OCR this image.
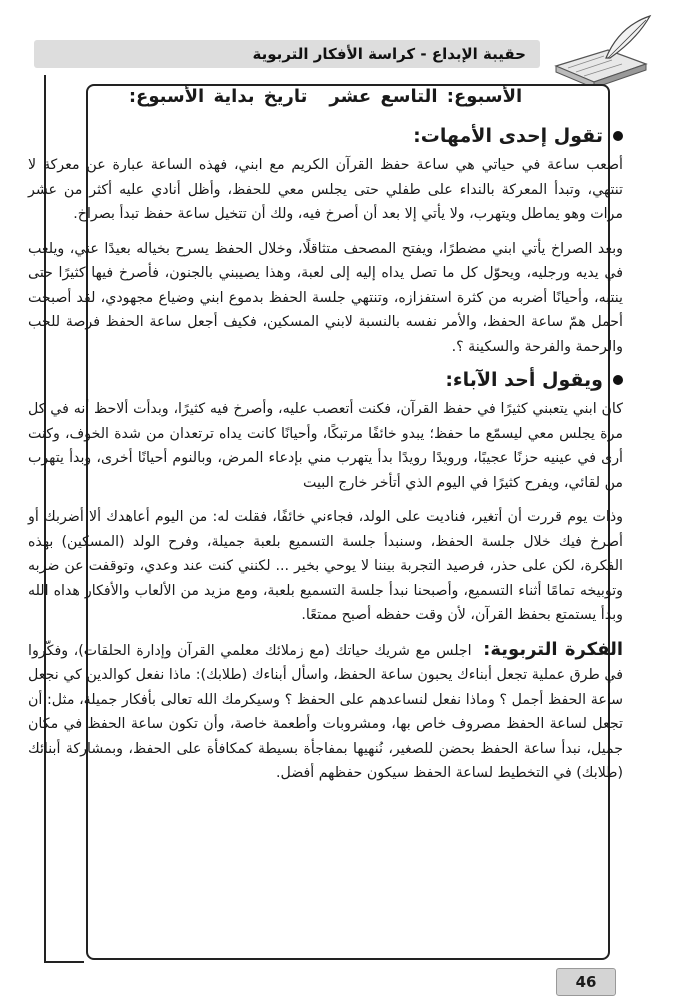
حقيبة الإبداع - كراسة الأفكار التربوية
الأسبوع: التاسع عشرتاريخ بداية الأسبوع:
تقول إحدى الأمهات:

أصعب ساعة في حياتي هي ساعة حفظ القرآن الكريم مع ابني، فهذه الساعة عبارة عن معركة لا تنتهي، وتبدأ المعركة بالنداء على طفلي حتى يجلس معي للحفظ، وأظل أنادي عليه أكثر من عشر مرات وهو يماطل ويتهرب، ولا يأتي إلا بعد أن أصرخ فيه، ولك أن تتخيل ساعة حفظ تبدأ بصراخ.

وبعد الصراخ يأتي ابني مضطرًا، ويفتح المصحف متثاقلًا، وخلال الحفظ يسرح بخياله بعيدًا عني، ويلعب في يديه ورجليه، ويحوّل كل ما تصل يداه إليه إلى لعبة، وهذا يصيبني بالجنون، فأصرخ فيها كثيرًا حتى ينتبه، وأحيانًا أضربه من كثرة استفزازه، وتنتهي جلسة الحفظ بدموع ابني وضياع مجهودي، لقد أصبحت أحمل همّ ساعة الحفظ، والأمر نفسه بالنسبة لابني المسكين، فكيف أجعل ساعة الحفظ فرصة للحب والرحمة والفرحة والسكينة ؟.

ويقول أحد الآباء:

كان ابني يتعبني كثيرًا في حفظ القرآن، فكنت أتعصب عليه، وأصرخ فيه كثيرًا، وبدأت ألاحظ أنه في كل مرة يجلس معي ليسمّع ما حفظ؛ يبدو خائفًا مرتبكًا، وأحيانًا كانت يداه ترتعدان من شدة الخوف، وكنت أرى في عينيه حزنًا عجيبًا، ورويدًا رويدًا بدأ يتهرب مني بإدعاء المرض، وبالنوم أحيانًا أخرى، وبدأ يتهرب من لقائي، ويفرح كثيرًا في اليوم الذي أتأخر خارج البيت

وذات يوم قررت أن أتغير، فناديت على الولد، فجاءني خائفًا، فقلت له: من اليوم أعاهدك ألا أضربك أو أصرخ فيك خلال جلسة الحفظ، وسنبدأ جلسة التسميع بلعبة جميلة، وفرح الولد (المسكين) بهذه الفكرة، لكن على حذر، فرصيد التجربة بيننا لا يوحي بخير ... لكنني كنت عند وعدي، وتوقفت عن ضربه وتوبيخه تمامًا أثناء التسميع، وأصبحنا نبدأ جلسة التسميع بلعبة، ومع مزيد من الألعاب والأفكار هداه الله وبدأ يستمتع بحفظ القرآن، لأن وقت حفظه أصبح ممتعًا.

الفكرة التربوية: اجلس مع شريك حياتك (مع زملائك معلمي القرآن وإدارة الحلقات)، وفكّروا في طرق عملية تجعل أبناءك يحبون ساعة الحفظ، واسأل أبناءك (طلابك): ماذا نفعل كوالدين كي نجعل ساعة الحفظ أجمل ؟ وماذا نفعل لنساعدهم على الحفظ ؟ وسيكرمك الله تعالى بأفكار جميلة، مثل: أن تجعل لساعة الحفظ مصروف خاص بها، ومشروبات وأطعمة خاصة، وأن تكون ساعة الحفظ في مكان جميل، نبدأ ساعة الحفظ بحضن للصغير، نُنهيها بمفاجأة بسيطة كمكافأة على الحفظ، وبمشاركة أبنائك (طلابك) في التخطيط لساعة الحفظ سيكون حفظهم أفضل.

46
